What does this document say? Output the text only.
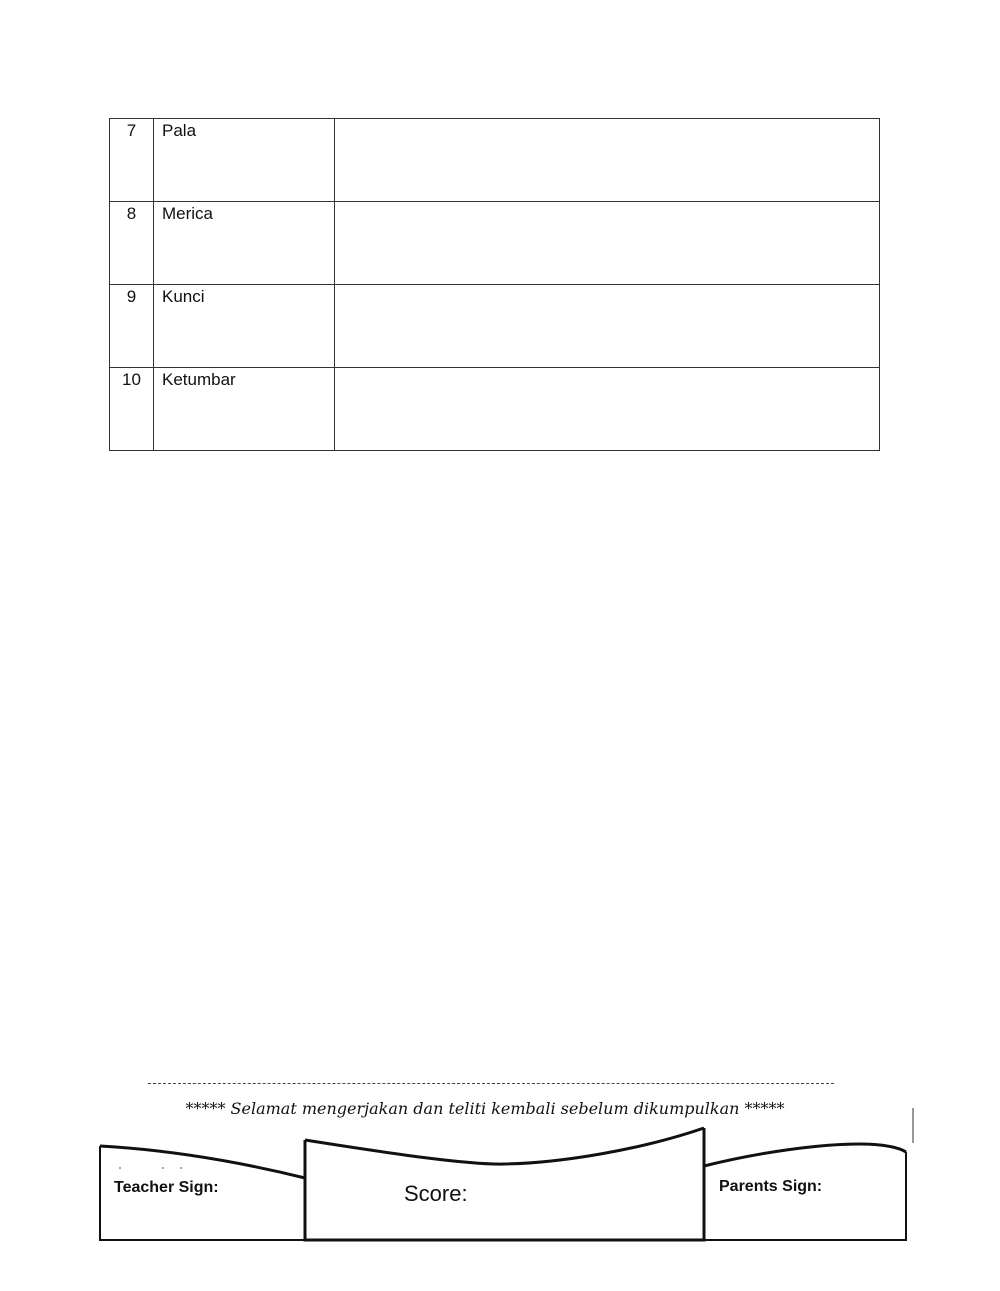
7	Pala	
8	Merica	
9	Kunci	
10	Ketumbar	
***** Selamat mengerjakan dan teliti kembali sebelum dikumpulkan *****
Teacher Sign:	Score:	Parents Sign:
